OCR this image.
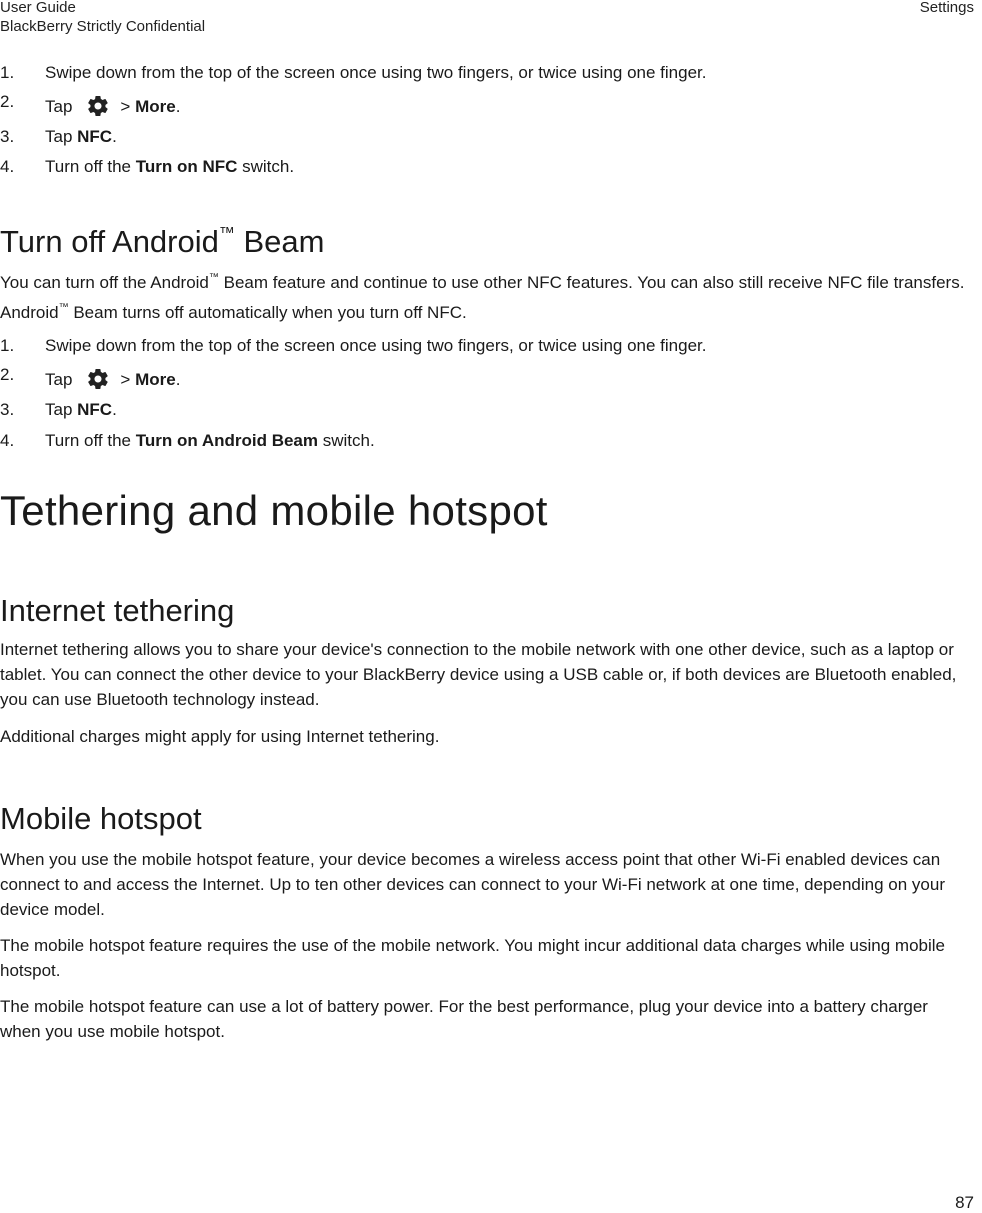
User Guide
BlackBerry Strictly Confidential
Settings
1.	Swipe down from the top of the screen once using two fingers, or twice using one finger.
2.	Tap	> More.
3.	Tap NFC.
4.	Turn off the Turn on NFC switch.
Turn off Android™ Beam

You can turn off the Android™ Beam feature and continue to use other NFC features. You can also still receive NFC file transfers. Android™ Beam turns off automatically when you turn off NFC.

1.	Swipe down from the top of the screen once using two fingers, or twice using one finger.
2.	Tap	> More.
3.	Tap NFC.
4.	Turn off the Turn on Android Beam switch.
Tethering and mobile hotspot
Internet tethering

Internet tethering allows you to share your device's connection to the mobile network with one other device, such as a laptop or tablet. You can connect the other device to your BlackBerry device using a USB cable or, if both devices are Bluetooth enabled, you can use Bluetooth technology instead.

Additional charges might apply for using Internet tethering.

Mobile hotspot

When you use the mobile hotspot feature, your device becomes a wireless access point that other Wi-Fi enabled devices can connect to and access the Internet. Up to ten other devices can connect to your Wi-Fi network at one time, depending on your device model.

The mobile hotspot feature requires the use of the mobile network. You might incur additional data charges while using mobile hotspot.

The mobile hotspot feature can use a lot of battery power. For the best performance, plug your device into a battery charger when you use mobile hotspot.

87
